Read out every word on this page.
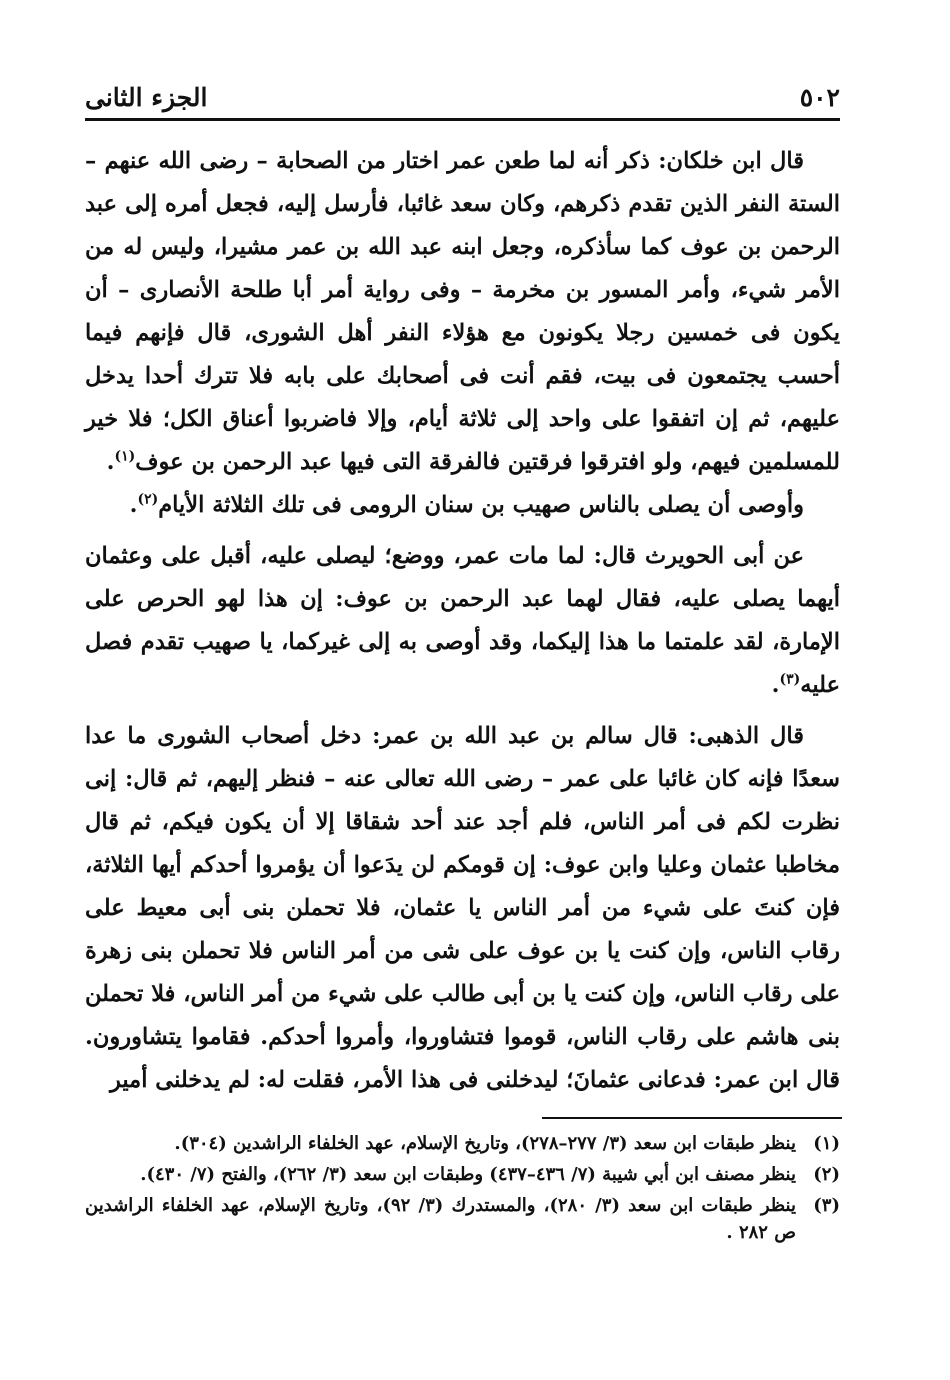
٥٠٢
الجزء الثانى

قال ابن خلكان: ذكر أنه لما طعن عمر اختار من الصحابة – رضى الله عنهم – الستة النفر الذين تقدم ذكرهم، وكان سعد غائبا، فأرسل إليه، فجعل أمره إلى عبد الرحمن بن عوف كما سأذكره، وجعل ابنه عبد الله بن عمر مشيرا، وليس له من الأمر شيء، وأمر المسور بن مخرمة – وفى رواية أمر أبا طلحة الأنصارى – أن يكون فى خمسين رجلا يكونون مع هؤلاء النفر أهل الشورى، قال فإنهم فيما أحسب يجتمعون فى بيت، فقم أنت فى أصحابك على بابه فلا تترك أحدا يدخل عليهم، ثم إن اتفقوا على واحد إلى ثلاثة أيام، وإلا فاضربوا أعناق الكل؛ فلا خير للمسلمين فيهم، ولو افترقوا فرقتين فالفرقة التى فيها عبد الرحمن بن عوف$^{(١)}$.

وأوصى أن يصلى بالناس صهيب بن سنان الرومى فى تلك الثلاثة الأيام$^{(٢)}$.

عن أبى الحويرث قال: لما مات عمر، ووضع؛ ليصلى عليه، أقبل على وعثمان أيهما يصلى عليه، فقال لهما عبد الرحمن بن عوف: إن هذا لهو الحرص على الإمارة، لقد علمتما ما هذا إليكما، وقد أوصى به إلى غيركما، يا صهيب تقدم فصل عليه$^{(٣)}$.

قال الذهبى: قال سالم بن عبد الله بن عمر: دخل أصحاب الشورى ما عدا سعدًا فإنه كان غائبا على عمر – رضى الله تعالى عنه – فنظر إليهم، ثم قال: إنى نظرت لكم فى أمر الناس، فلم أجد عند أحد شقاقا إلا أن يكون فيكم، ثم قال مخاطبا عثمان وعليا وابن عوف: إن قومكم لن يدَعوا أن يؤمروا أحدكم أيها الثلاثة، فإن كنتَ على شيء من أمر الناس يا عثمان، فلا تحملن بنى أبى معيط على رقاب الناس، وإن كنت يا بن عوف على شى من أمر الناس فلا تحملن بنى زهرة على رقاب الناس، وإن كنت يا بن أبى طالب على شيء من أمر الناس، فلا تحملن بنى هاشم على رقاب الناس، قوموا فتشاوروا، وأمروا أحدكم. فقاموا يتشاورون. قال ابن عمر: فدعانى عثمانَ؛ ليدخلنى فى هذا الأمر، فقلت له: لم يدخلنى أمير

(١)
ينظر طبقات ابن سعد (٣/ ٢٧٧–٢٧٨)، وتاريخ الإسلام، عهد الخلفاء الراشدين (٣٠٤).
(٢)
ينظر مصنف ابن أبي شيبة (٧/ ٤٣٦–٤٣٧) وطبقات ابن سعد (٣/ ٢٦٢)، والفتح (٧/ ٤٣٠).
(٣)
ينظر طبقات ابن سعد (٣/ ٢٨٠)، والمستدرك (٣/ ٩٢)، وتاريخ الإسلام، عهد الخلفاء الراشدين ص ٢٨٢ .
